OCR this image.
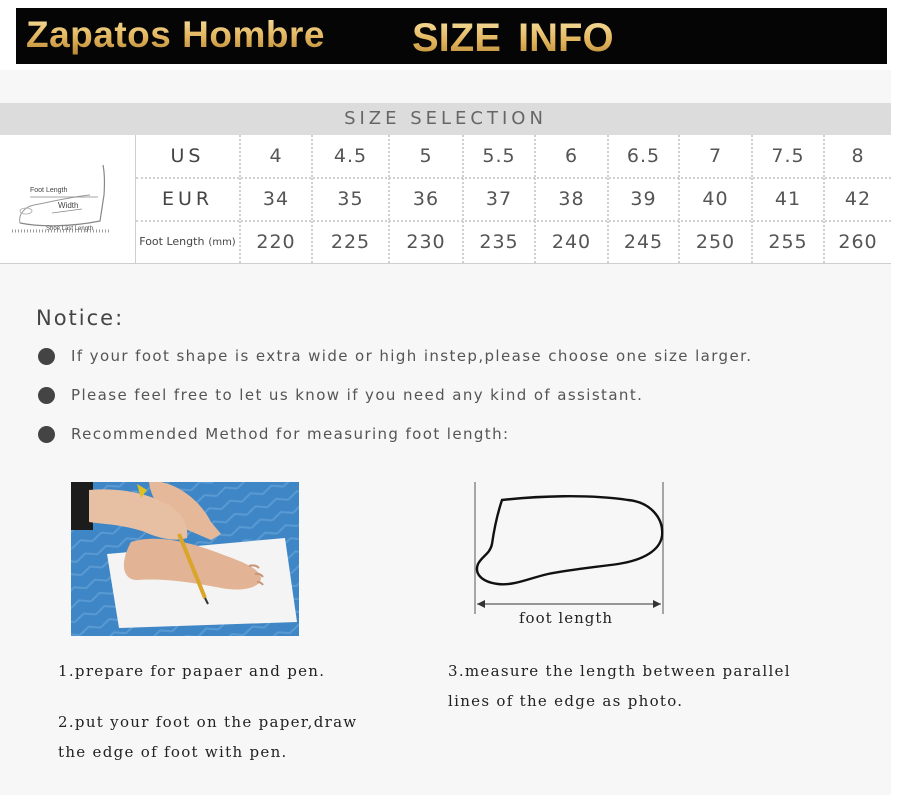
Zapatos Hombre SIZE INFO
SIZE SELECTION
Foot Length
Width
Shoe Last Length
US	4	4.5	5	5.5	6	6.5	7	7.5	8
EUR	34	35	36	37	38	39	40	41	42
Foot Length (mm)	220	225	230	235	240	245	250	255	260
Notice:
If your foot shape is extra wide or high instep,please choose one size larger.
Please feel free to let us know if you need any kind of assistant.
Recommended Method for measuring foot length:
foot length
1.prepare for papaer and pen.
2.put your foot on the paper,draw
the edge of foot with pen.
3.measure the length between parallel
lines of the edge as photo.
